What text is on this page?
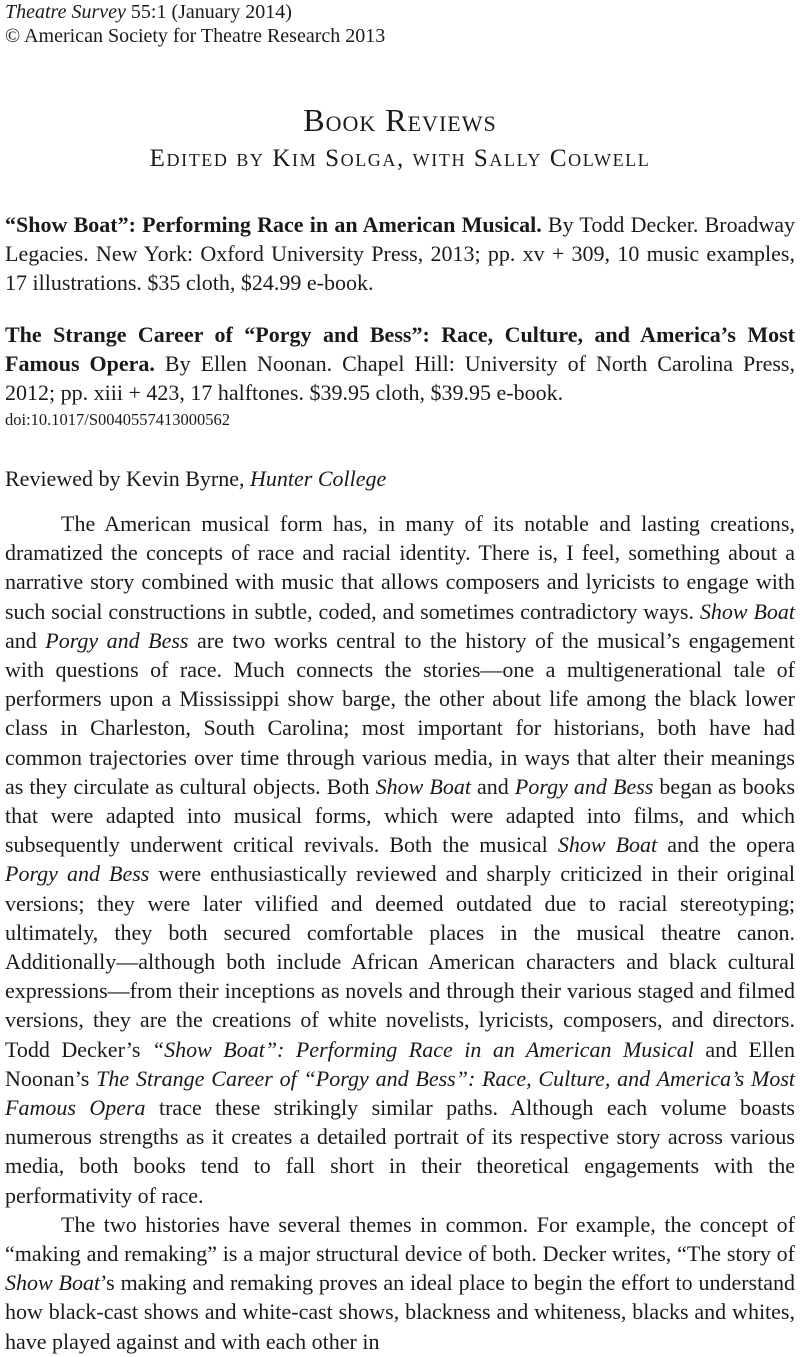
Theatre Survey 55:1 (January 2014)
© American Society for Theatre Research 2013
Book Reviews
Edited by Kim Solga, with Sally Colwell
“Show Boat”: Performing Race in an American Musical. By Todd Decker. Broadway Legacies. New York: Oxford University Press, 2013; pp. xv + 309, 10 music examples, 17 illustrations. $35 cloth, $24.99 e-book.
The Strange Career of “Porgy and Bess”: Race, Culture, and America’s Most Famous Opera. By Ellen Noonan. Chapel Hill: University of North Carolina Press, 2012; pp. xiii + 423, 17 halftones. $39.95 cloth, $39.95 e-book.
doi:10.1017/S0040557413000562
Reviewed by Kevin Byrne, Hunter College

The American musical form has, in many of its notable and lasting creations, dramatized the concepts of race and racial identity. There is, I feel, something about a narrative story combined with music that allows composers and lyricists to engage with such social constructions in subtle, coded, and sometimes contradictory ways. Show Boat and Porgy and Bess are two works central to the history of the musical’s engagement with questions of race. Much connects the stories—one a multigenerational tale of performers upon a Mississippi show barge, the other about life among the black lower class in Charleston, South Carolina; most important for historians, both have had common trajectories over time through various media, in ways that alter their meanings as they circulate as cultural objects. Both Show Boat and Porgy and Bess began as books that were adapted into musical forms, which were adapted into films, and which subsequently underwent critical revivals. Both the musical Show Boat and the opera Porgy and Bess were enthusiastically reviewed and sharply criticized in their original versions; they were later vilified and deemed outdated due to racial stereotyping; ultimately, they both secured comfortable places in the musical theatre canon. Additionally—although both include African American characters and black cultural expressions—from their inceptions as novels and through their various staged and filmed versions, they are the creations of white novelists, lyricists, composers, and directors. Todd Decker’s “Show Boat”: Performing Race in an American Musical and Ellen Noonan’s The Strange Career of “Porgy and Bess”: Race, Culture, and America’s Most Famous Opera trace these strikingly similar paths. Although each volume boasts numerous strengths as it creates a detailed portrait of its respective story across various media, both books tend to fall short in their theoretical engagements with the performativity of race.

The two histories have several themes in common. For example, the concept of “making and remaking” is a major structural device of both. Decker writes, “The story of Show Boat’s making and remaking proves an ideal place to begin the effort to understand how black-cast shows and white-cast shows, blackness and whiteness, blacks and whites, have played against and with each other in
